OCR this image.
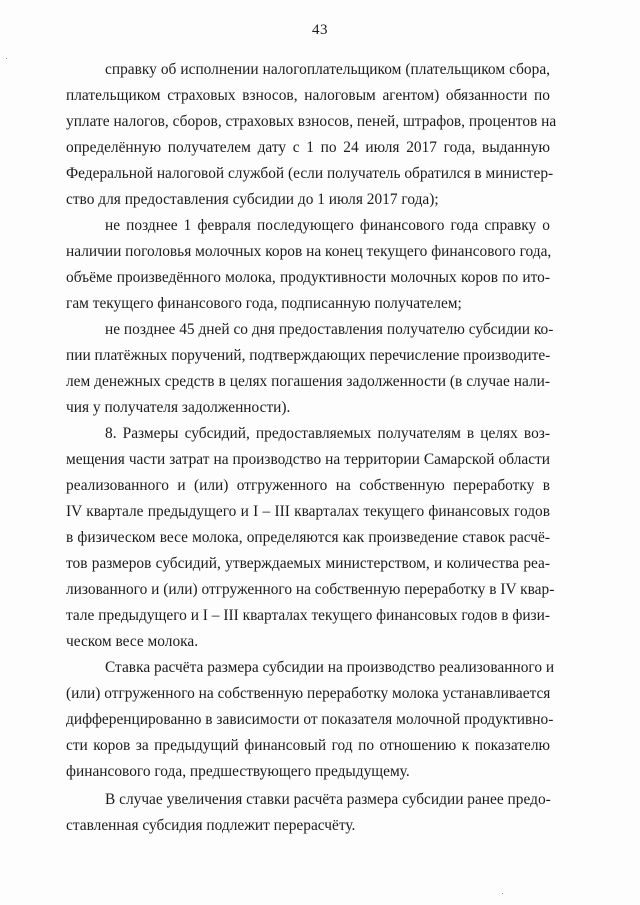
43
справку об исполнении налогоплательщиком (плательщиком сбора,
плательщиком страховых взносов, налоговым агентом) обязанности по
уплате налогов, сборов, страховых взносов, пеней, штрафов, процентов на
определённую получателем дату с 1 по 24 июля 2017 года, выданную
Федеральной налоговой службой (если получатель обратился в министер-
ство для предоставления субсидии до 1 июля 2017 года);
не позднее 1 февраля последующего финансового года справку о
наличии поголовья молочных коров на конец текущего финансового года,
объёме произведённого молока, продуктивности молочных коров по ито-
гам текущего финансового года, подписанную получателем;
не позднее 45 дней со дня предоставления получателю субсидии ко-
пии платёжных поручений, подтверждающих перечисление производите-
лем денежных средств в целях погашения задолженности (в случае нали-
чия у получателя задолженности).
8. Размеры субсидий, предоставляемых получателям в целях воз-
мещения части затрат на производство на территории Самарской области
реализованного и (или) отгруженного на собственную переработку в
IV квартале предыдущего и I – III кварталах текущего финансовых годов
в физическом весе молока, определяются как произведение ставок расчё-
тов размеров субсидий, утверждаемых министерством, и количества реа-
лизованного и (или) отгруженного на собственную переработку в IV квар-
тале предыдущего и I – III кварталах текущего финансовых годов в физи-
ческом весе молока.
Ставка расчёта размера субсидии на производство реализованного и
(или) отгруженного на собственную переработку молока устанавливается
дифференцированно в зависимости от показателя молочной продуктивно-
сти коров за предыдущий финансовый год по отношению к показателю
финансового года, предшествующего предыдущему.
В случае увеличения ставки расчёта размера субсидии ранее предо-
ставленная субсидия подлежит перерасчёту.
